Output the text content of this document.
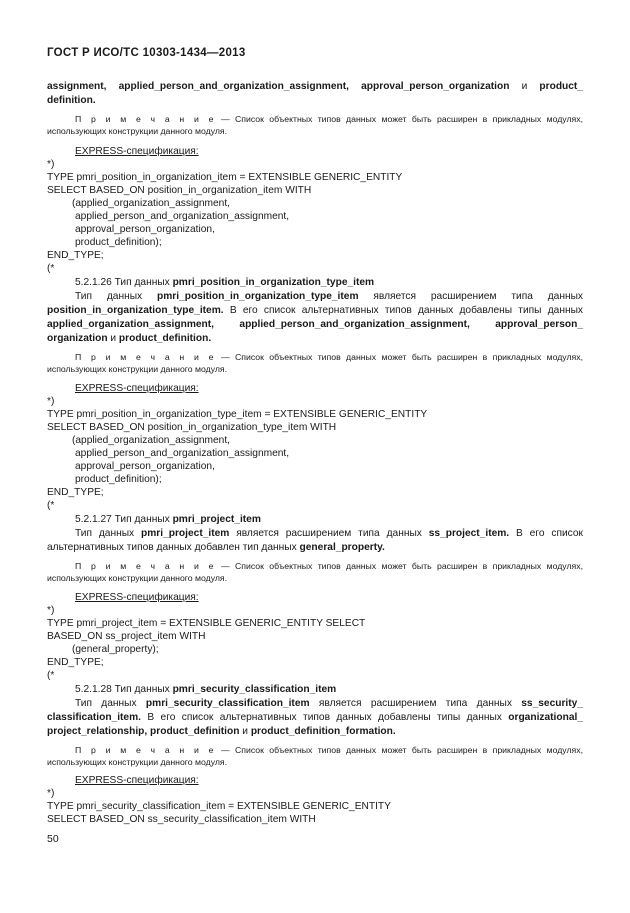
ГОСТ Р ИСО/ТС 10303-1434—2013
assignment, applied_person_and_organization_assignment, approval_person_organization и product_
definition.
П р и м е ч а н и е — Список объектных типов данных может быть расширен в прикладных модулях,
использующих конструкции данного модуля.
EXPRESS-спецификация:
*)
TYPE pmri_position_in_organization_item = EXTENSIBLE GENERIC_ENTITY
SELECT BASED_ON position_in_organization_item WITH
(applied_organization_assignment,
applied_person_and_organization_assignment,
approval_person_organization,
product_definition);
END_TYPE;
(*
5.2.1.26 Тип данных pmri_position_in_organization_type_item
Тип данных pmri_position_in_organization_type_item является расширением типа данных
position_in_organization_type_item. В его список альтернативных типов данных добавлены типы данных
applied_organization_assignment, applied_person_and_organization_assignment, approval_person_
organization и product_definition.
П р и м е ч а н и е — Список объектных типов данных может быть расширен в прикладных модулях,
использующих конструкции данного модуля.
EXPRESS-спецификация:
*)
TYPE pmri_position_in_organization_type_item = EXTENSIBLE GENERIC_ENTITY
SELECT BASED_ON position_in_organization_type_item WITH
(applied_organization_assignment,
applied_person_and_organization_assignment,
approval_person_organization,
product_definition);
END_TYPE;
(*
5.2.1.27 Тип данных pmri_project_item
Тип данных pmri_project_item является расширением типа данных ss_project_item. В его список
альтернативных типов данных добавлен тип данных general_property.
П р и м е ч а н и е — Список объектных типов данных может быть расширен в прикладных модулях,
использующих конструкции данного модуля.
EXPRESS-спецификация:
*)
TYPE pmri_project_item = EXTENSIBLE GENERIC_ENTITY SELECT
BASED_ON ss_project_item WITH
(general_property);
END_TYPE;
(*
5.2.1.28 Тип данных pmri_security_classification_item
Тип данных pmri_security_classification_item является расширением типа данных ss_security_
classification_item. В его список альтернативных типов данных добавлены типы данных organizational_
project_relationship, product_definition и product_definition_formation.
П р и м е ч а н и е — Список объектных типов данных может быть расширен в прикладных модулях,
использующих конструкции данного модуля.
EXPRESS-спецификация:
*)
TYPE pmri_security_classification_item = EXTENSIBLE GENERIC_ENTITY
SELECT BASED_ON ss_security_classification_item WITH
50
